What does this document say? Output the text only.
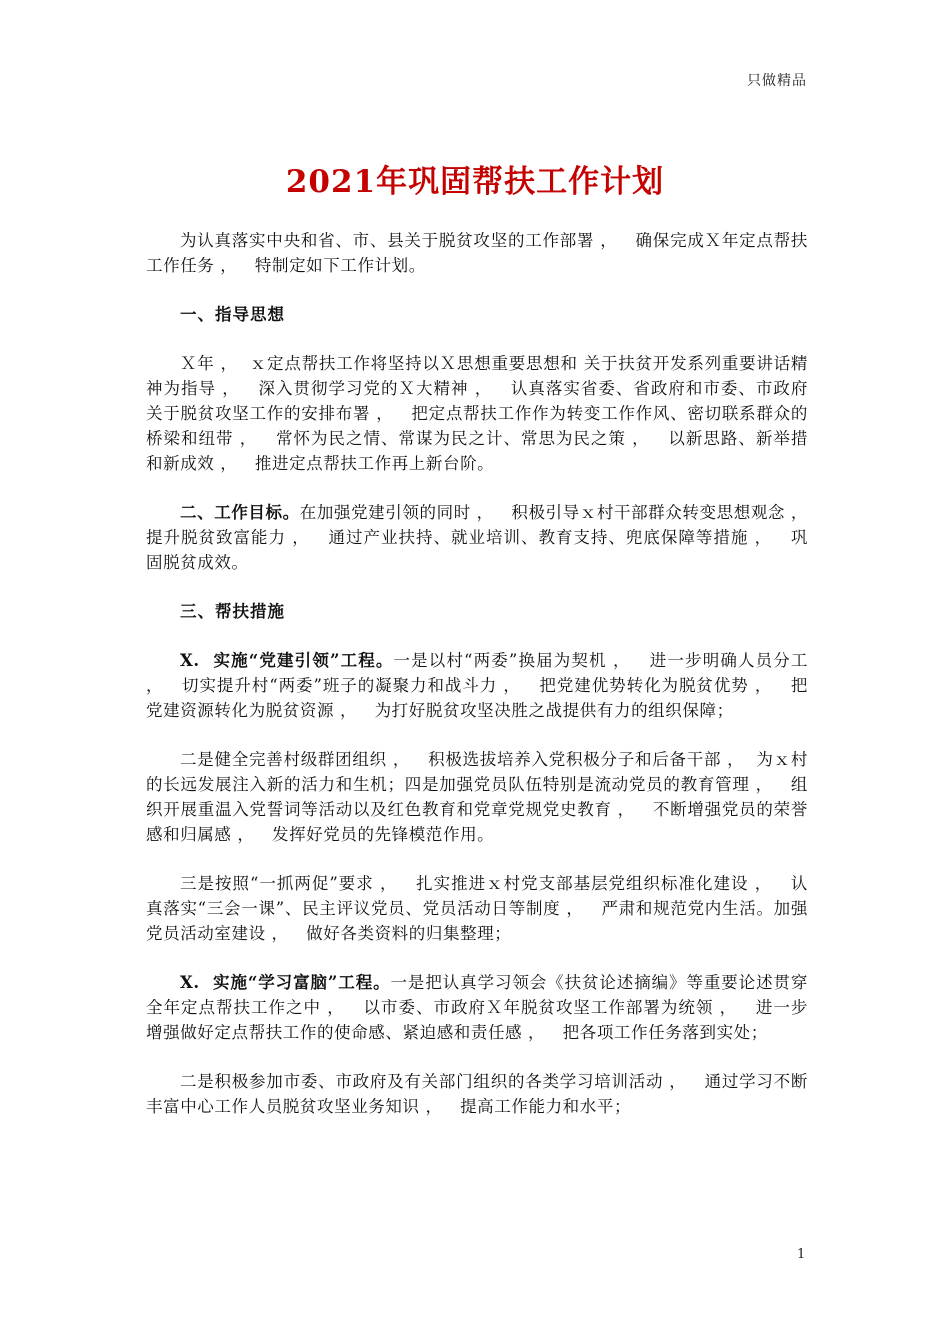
只做精品
2021年巩固帮扶工作计划

为认真落实中央和省、市、县关于脱贫攻坚的工作部署 ，   确保完成Ｘ年定点帮扶工作任务 ，   特制定如下工作计划。

一、指导思想

Ｘ年 ，  ｘ定点帮扶工作将坚持以Ｘ思想重要思想和 关于扶贫开发系列重要讲话精神为指导 ，   深入贯彻学习党的Ｘ大精神 ，   认真落实省委、省政府和市委、市政府关于脱贫攻坚工作的安排布署 ，   把定点帮扶工作作为转变工作作风、密切联系群众的桥梁和纽带 ，   常怀为民之情、常谋为民之计、常思为民之策 ，   以新思路、新举措和新成效 ，   推进定点帮扶工作再上新台阶。

二、工作目标。在加强党建引领的同时 ，   积极引导ｘ村干部群众转变思想观念 ，   提升脱贫致富能力 ，   通过产业扶持、就业培训、教育支持、兜底保障等措施 ，   巩固脱贫成效。

三、帮扶措施

X.  实施“党建引领”工程。一是以村“两委”换届为契机 ，   进一步明确人员分工 ，   切实提升村“两委”班子的凝聚力和战斗力 ，   把党建优势转化为脱贫优势 ，   把党建资源转化为脱贫资源 ，   为打好脱贫攻坚决胜之战提供有力的组织保障；

二是健全完善村级群团组织 ，   积极选拔培养入党积极分子和后备干部 ，  为ｘ村的长远发展注入新的活力和生机；四是加强党员队伍特别是流动党员的教育管理 ，   组织开展重温入党誓词等活动以及红色教育和党章党规党史教育 ，   不断增强党员的荣誉感和归属感 ，   发挥好党员的先锋模范作用。

三是按照“一抓两促”要求 ，   扎实推进ｘ村党支部基层党组织标准化建设 ，   认真落实“三会一课”、民主评议党员、党员活动日等制度 ，   严肃和规范党内生活。加强党员活动室建设 ，   做好各类资料的归集整理；

X.  实施“学习富脑”工程。一是把认真学习领会《扶贫论述摘编》等重要论述贯穿全年定点帮扶工作之中 ，   以市委、市政府Ｘ年脱贫攻坚工作部署为统领 ，   进一步增强做好定点帮扶工作的使命感、紧迫感和责任感 ，   把各项工作任务落到实处；

二是积极参加市委、市政府及有关部门组织的各类学习培训活动 ，   通过学习不断丰富中心工作人员脱贫攻坚业务知识 ，   提高工作能力和水平；

1
